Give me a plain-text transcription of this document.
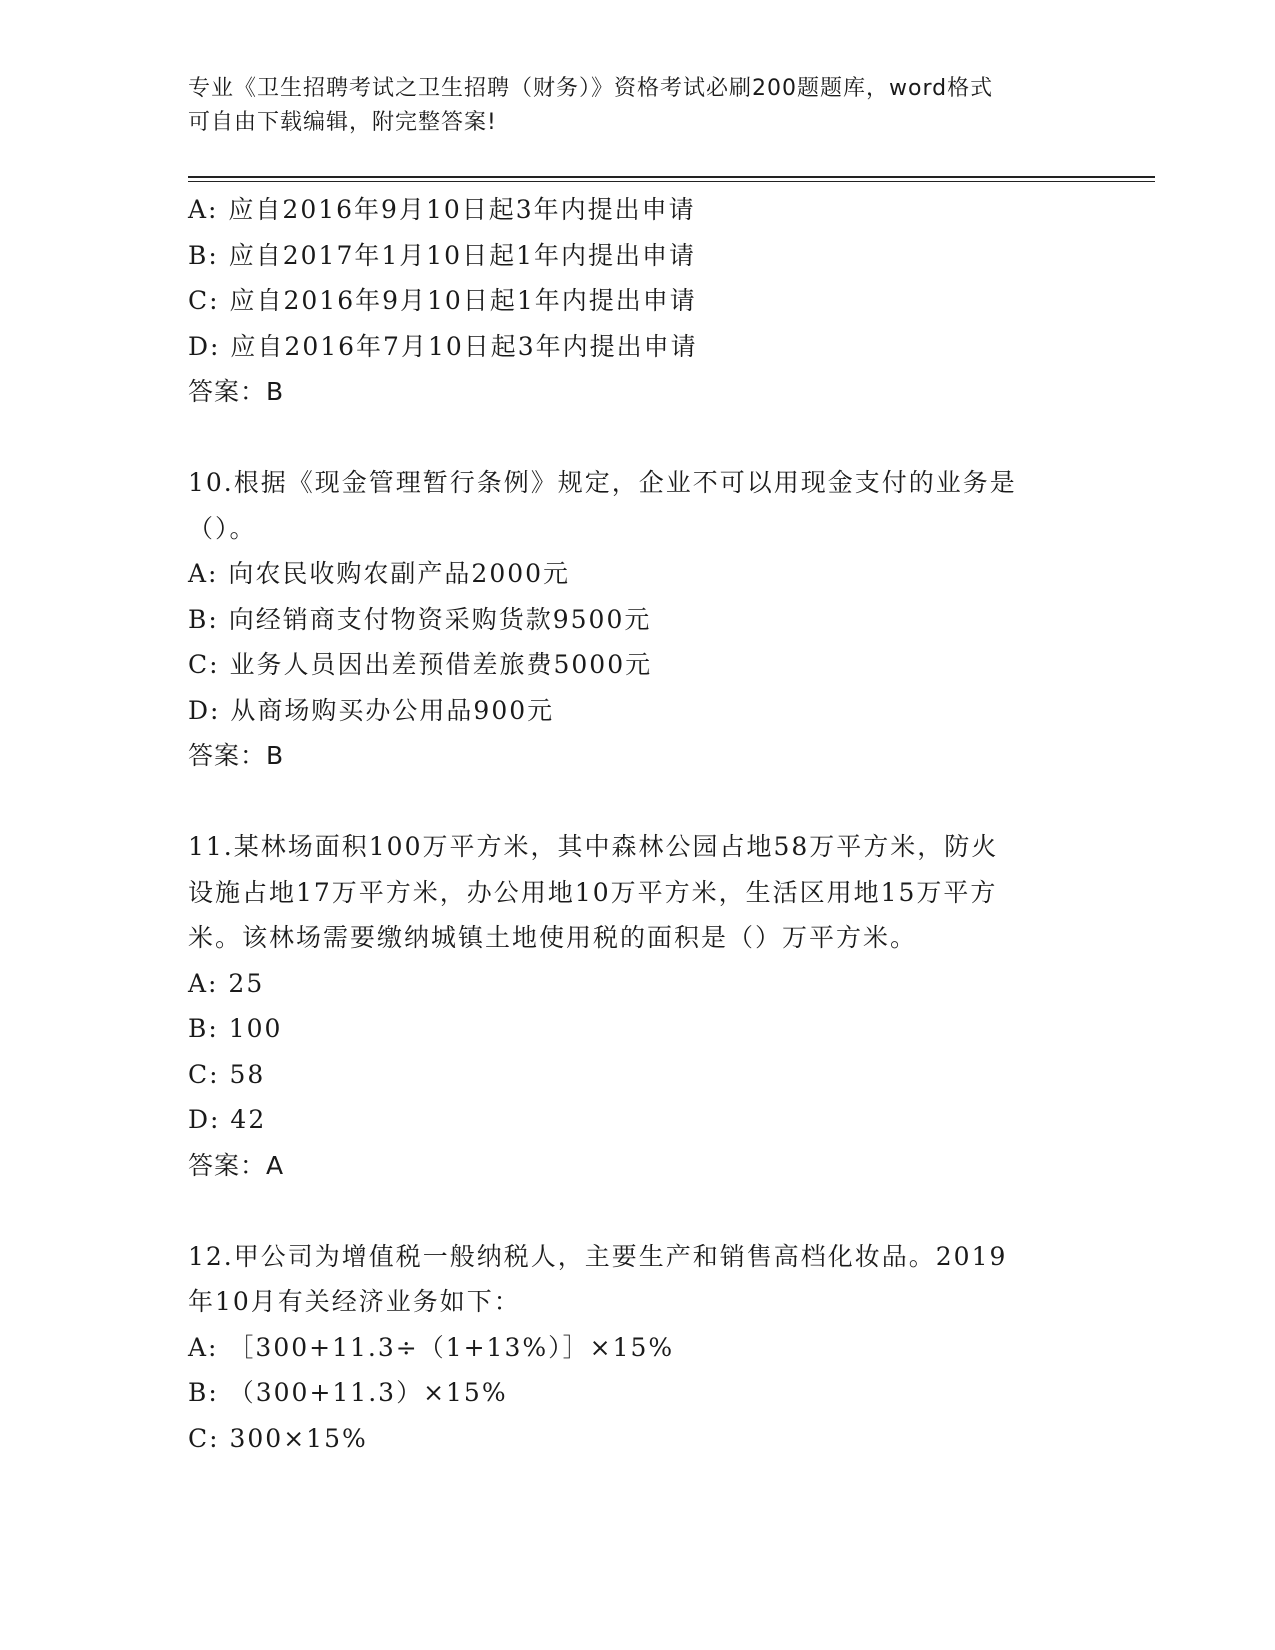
专业《卫生招聘考试之卫生招聘（财务）》资格考试必刷200题题库，word格式
可自由下载编辑，附完整答案!
A: 应自2016年9月10日起3年内提出申请
B: 应自2017年1月10日起1年内提出申请
C: 应自2016年9月10日起1年内提出申请
D: 应自2016年7月10日起3年内提出申请
答案：B
10.根据《现金管理暂行条例》规定，企业不可以用现金支付的业务是
（）。
A: 向农民收购农副产品2000元
B: 向经销商支付物资采购货款9500元
C: 业务人员因出差预借差旅费5000元
D: 从商场购买办公用品900元
答案：B
11.某林场面积100万平方米，其中森林公园占地58万平方米，防火
设施占地17万平方米，办公用地10万平方米，生活区用地15万平方
米。该林场需要缴纳城镇土地使用税的面积是（）万平方米。
A: 25
B: 100
C: 58
D: 42
答案：A
12.甲公司为增值税一般纳税人，主要生产和销售高档化妆品。2019
年10月有关经济业务如下：
A: ［300+11.3÷（1+13%）］×15%
B: （300+11.3）×15%
C: 300×15%
